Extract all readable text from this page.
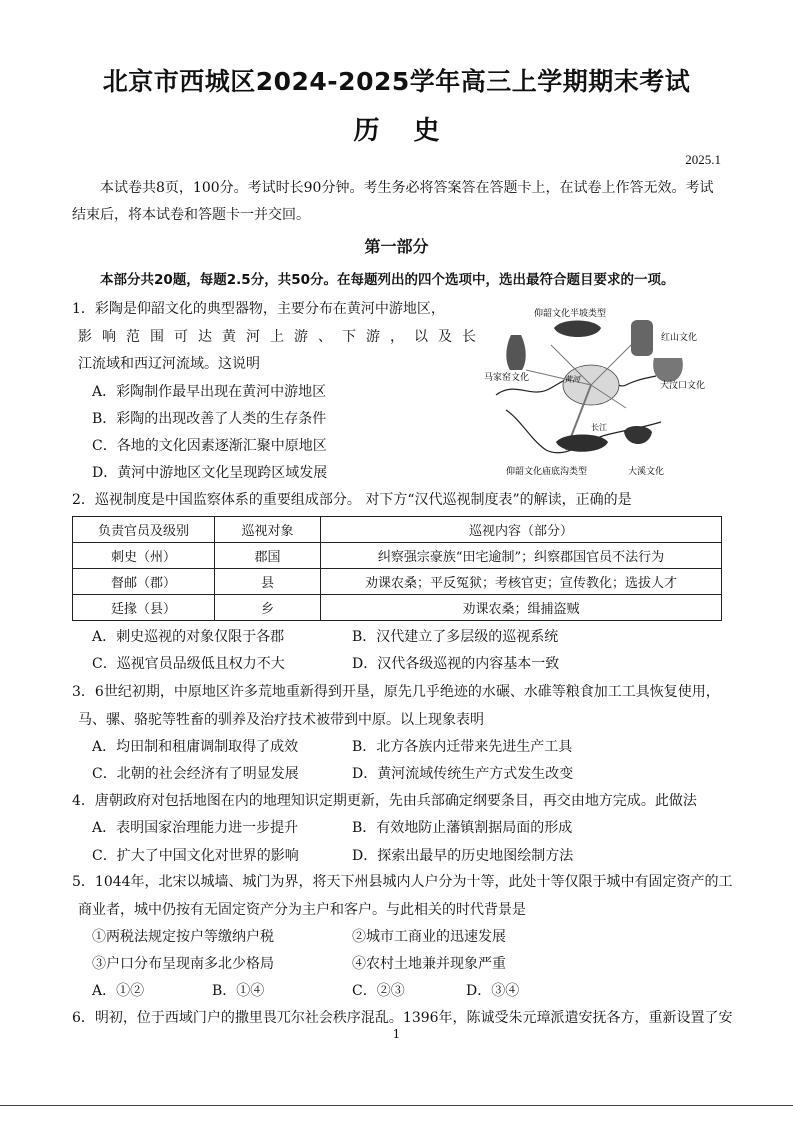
北京市西城区2024-2025学年高三上学期期末考试
历史
2025.1
本试卷共8页，100分。考试时长90分钟。考生务必将答案答在答题卡上，在试卷上作答无效。考试结束后，将本试卷和答题卡一并交回。
第一部分
本部分共20题，每题2.5分，共50分。在每题列出的四个选项中，选出最符合题目要求的一项。
1．彩陶是仰韶文化的典型器物，主要分布在黄河中游地区，
影响范围可达黄河上游、下游，以及长
江流域和西辽河流域。这说明
A．彩陶制作最早出现在黄河中游地区
B．彩陶的出现改善了人类的生存条件
C．各地的文化因素逐渐汇聚中原地区
D．黄河中游地区文化呈现跨区域发展
仰韶文化半坡类型
红山文化
马家窑文化
大汶口文化
黄河
长江
仰韶文化庙底沟类型	大溪文化
2．巡视制度是中国监察体系的重要组成部分。 对下方“汉代巡视制度表”的解读，正确的是
负责官员及级别	巡视对象	巡视内容（部分）
刺史（州）	郡国	纠察强宗豪族“田宅逾制”；纠察郡国官员不法行为
督邮（郡）	县	劝课农桑；平反冤狱；考核官吏；宣传教化；选拔人才
廷掾（县）	乡	劝课农桑；缉捕盗贼
A．刺史巡视的对象仅限于各郡	B．汉代建立了多层级的巡视系统
C．巡视官员品级低且权力不大	D．汉代各级巡视的内容基本一致
3．6世纪初期，中原地区许多荒地重新得到开垦，原先几乎绝迹的水碾、水碓等粮食加工工具恢复使用，
马、骡、骆驼等牲畜的驯养及治疗技术被带到中原。以上现象表明
A．均田制和租庸调制取得了成效	B．北方各族内迁带来先进生产工具
C．北朝的社会经济有了明显发展	D．黄河流域传统生产方式发生改变
4．唐朝政府对包括地图在内的地理知识定期更新，先由兵部确定纲要条目，再交由地方完成。此做法
A．表明国家治理能力进一步提升	B．有效地防止藩镇割据局面的形成
C．扩大了中国文化对世界的影响	D．探索出最早的历史地图绘制方法
5．1044年，北宋以城墙、城门为界，将天下州县城内人户分为十等，此处十等仅限于城中有固定资产的工
商业者，城中仍按有无固定资产分为主户和客户。与此相关的时代背景是
①两税法规定按户等缴纳户税	②城市工商业的迅速发展
③户口分布呈现南多北少格局	④农村土地兼并现象严重
A．①②	B．①④	C．②③	D．③④
6．明初，位于西域门户的撒里畏兀尔社会秩序混乱。1396年，陈诚受朱元璋派遣安抚各方，重新设置了安
1
